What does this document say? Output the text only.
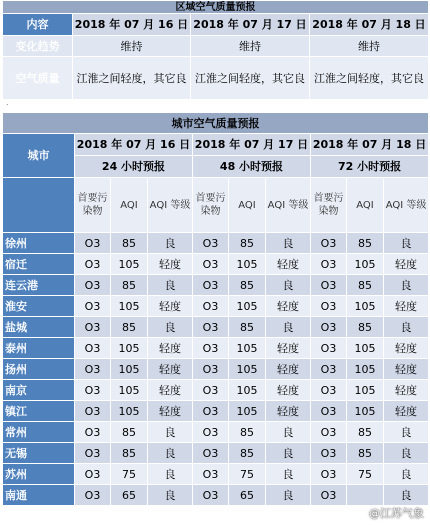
区域空气质量预报			
内容	2018 年 07 月 16 日	2018 年 07 月 17 日	2018 年 07 月 18 日
变化趋势	维持	维持	维持
空气质量	江淮之间轻度，其它良	江淮之间轻度，其它良	江淮之间轻度，其它良
.
城市空气质量预报									
城市	2018 年 07 月 16 日			2018 年 07 月 17 日			2018 年 07 月 18 日		
	24 小时预报			48 小时预报			72 小时预报		
	首要污染物	AQI	AQI 等级	首要污染物	AQI	AQI 等级	首要污染物	AQI	AQI 等级
徐州	O3	85	良	O3	85	良	O3	85	良
宿迁	O3	105	轻度	O3	105	轻度	O3	105	轻度
连云港	O3	85	良	O3	85	良	O3	85	良
淮安	O3	105	轻度	O3	105	轻度	O3	105	轻度
盐城	O3	85	良	O3	85	良	O3	85	良
泰州	O3	105	轻度	O3	105	轻度	O3	105	轻度
扬州	O3	105	轻度	O3	105	轻度	O3	105	轻度
南京	O3	105	轻度	O3	105	轻度	O3	105	轻度
镇江	O3	105	轻度	O3	105	轻度	O3	105	轻度
常州	O3	85	良	O3	85	良	O3	85	良
无锡	O3	85	良	O3	85	良	O3	85	良
苏州	O3	75	良	O3	75	良	O3	75	良
南通	O3	65	良	O3	65	良	O3		良
@江苏气象
